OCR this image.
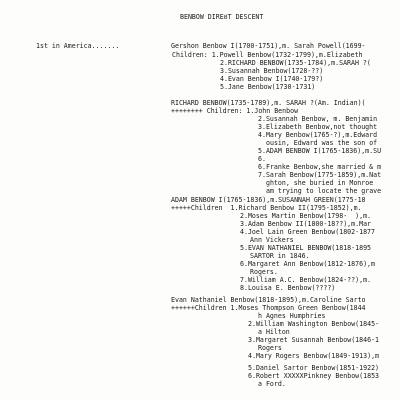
BENBOW DIREȢT DESCENT
1st in America.......	Gershon Benbow I(1700-1751),m. Sarah Powell(1699-
Children: 1.Powell Benbow(1732-1799),m.Elizabeth
2.RICHARD BENBOW(1735-1784),m.SARAH ?(
3.Susannah Benbow(1728-??)
4.Evan Benbow I(1740-179?)
5.Jane Benbow(1730-1731)
RICHARD BENBOW(1735-1789),m. SARAH ?(Am. Indian)(
++++++++ Children: 1.John Benbow
2.Susannah Benbow, m. Benjamin
3.Elizabeth Benbow,not thought
4.Mary Benbow(1765-?),m.Edward
ousin, Edward was the son of
5.ADAM BENBOW I(1765-1836),m.SU
6.
6.Franke Benbow,she married & m
7.Sarah Benbow(1775-1859),m.Nat
ghton, she buried in Monroe
am trying to locate the grave
ADAM BENBOW I(1765-1836),m.SUSANNAH GREEN(1775-18
+++++Children  1.Richard Benbow II(1795-1852),m.
2.Moses Martin Benbow(1798-  ),m.
3.Adam Benbow II(1800-18??),m.Mar
4.Joel Lain Green Benbow(1802-1877
Ann Vickers
5.EVAN NATHANIEL BENBOW(1818-1895
SARTOR in 1846.
6.Margaret Ann Benbow(1812-1876),m
Rogers.
7.William A.C. Benbow(1824-??),m.
8.Louisa E. Benbow(????)
Evan Nathaniel Benbow(1818-1895),m.Caroline Sarto
++++++Children 1.Moses Thompson Green Benbow(1844
h Agnes Humphries
2.William Washington Benbow(1845-
a Hilton
3.Margaret Susannah Benbow(1846-1
Rogers
4.Mary Rogers Benbow(1849-1913),m
5.Daniel Sartor Benbow(1851-1922)
6.Robert XXXXXPinkney Benbow(1853
a Ford.
